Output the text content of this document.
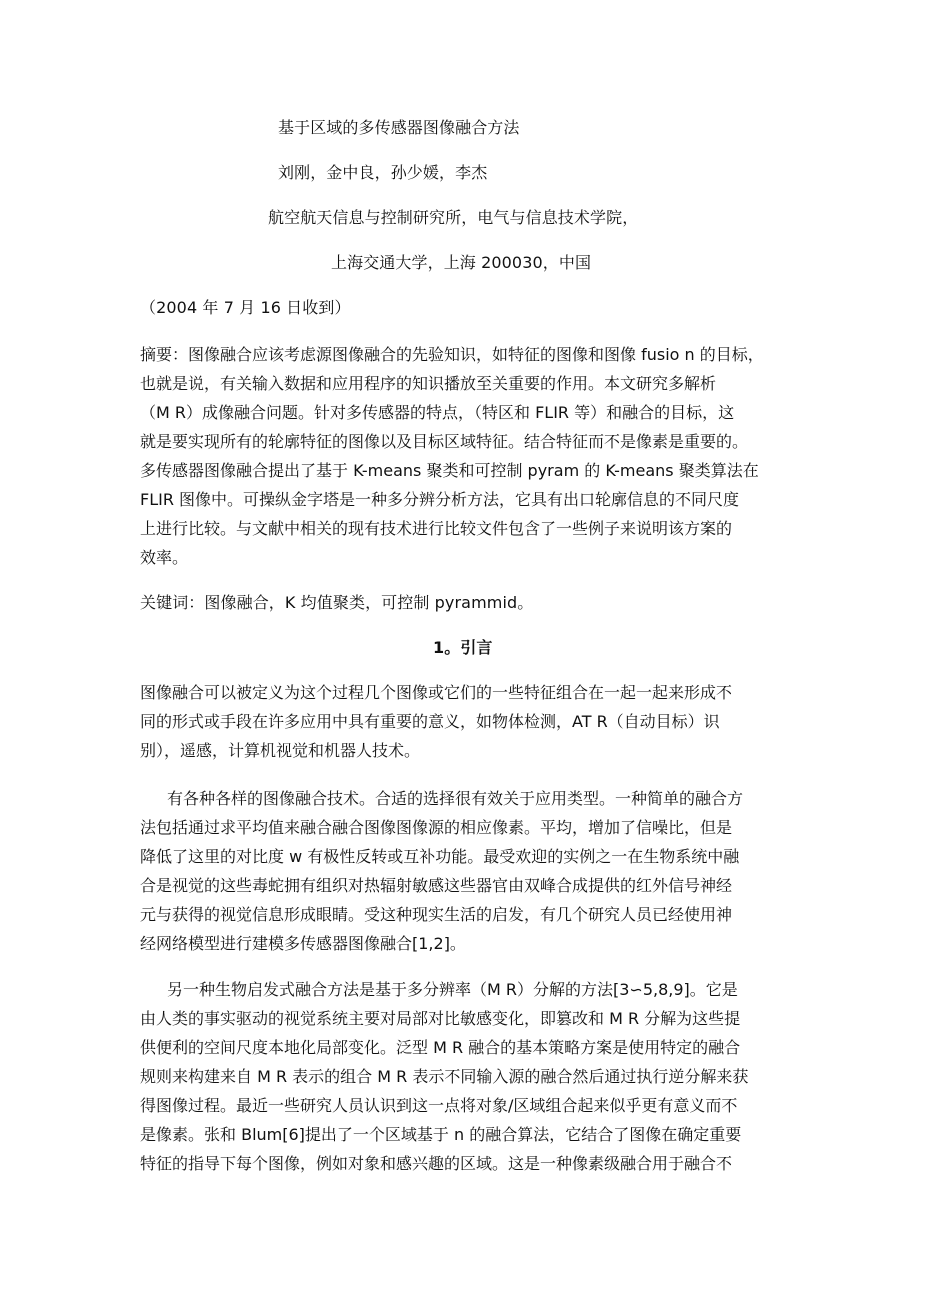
基于区域的多传感器图像融合方法
刘刚，金中良，孙少媛，李杰
航空航天信息与控制研究所，电气与信息技术学院，
上海交通大学，上海 200030，中国
（2004 年 7 月 16 日收到）
摘要：图像融合应该考虑源图像融合的先验知识，如特征的图像和图像 fusio n 的目标，
也就是说，有关输入数据和应用程序的知识播放至关重要的作用。本文研究多解析
（M R）成像融合问题。针对多传感器的特点，（特区和 FLIR 等）和融合的目标，这
就是要实现所有的轮廓特征的图像以及目标区域特征。结合特征而不是像素是重要的。
多传感器图像融合提出了基于 K-means 聚类和可控制 pyram 的 K-means 聚类算法在
FLIR 图像中。可操纵金字塔是一种多分辨分析方法，它具有出口轮廓信息的不同尺度
上进行比较。与文献中相关的现有技术进行比较文件包含了一些例子来说明该方案的
效率。
关键词：图像融合，K 均值聚类，可控制 pyrammid。
1。引言
图像融合可以被定义为这个过程几个图像或它们的一些特征组合在一起一起来形成不
同的形式或手段在许多应用中具有重要的意义，如物体检测，AT R（自动目标）识
别），遥感，计算机视觉和机器人技术。
有各种各样的图像融合技术。合适的选择很有效关于应用类型。一种简单的融合方
法包括通过求平均值来融合融合图像图像源的相应像素。平均，增加了信噪比，但是
降低了这里的对比度 w 有极性反转或互补功能。最受欢迎的实例之一在生物系统中融
合是视觉的这些毒蛇拥有组织对热辐射敏感这些器官由双峰合成提供的红外信号神经
元与获得的视觉信息形成眼睛。受这种现实生活的启发，有几个研究人员已经使用神
经网络模型进行建模多传感器图像融合[1,2]。
另一种生物启发式融合方法是基于多分辨率（M R）分解的方法[3∽5,8,9]。它是
由人类的事实驱动的视觉系统主要对局部对比敏感变化，即篡改和 M R 分解为这些提
供便利的空间尺度本地化局部变化。泛型 M R 融合的基本策略方案是使用特定的融合
规则来构建来自 M R 表示的组合 M R 表示不同输入源的融合然后通过执行逆分解来获
得图像过程。最近一些研究人员认识到这一点将对象/区域组合起来似乎更有意义而不
是像素。张和 Blum[6]提出了一个区域基于 n 的融合算法，它结合了图像在确定重要
特征的指导下每个图像，例如对象和感兴趣的区域。这是一种像素级融合用于融合不
